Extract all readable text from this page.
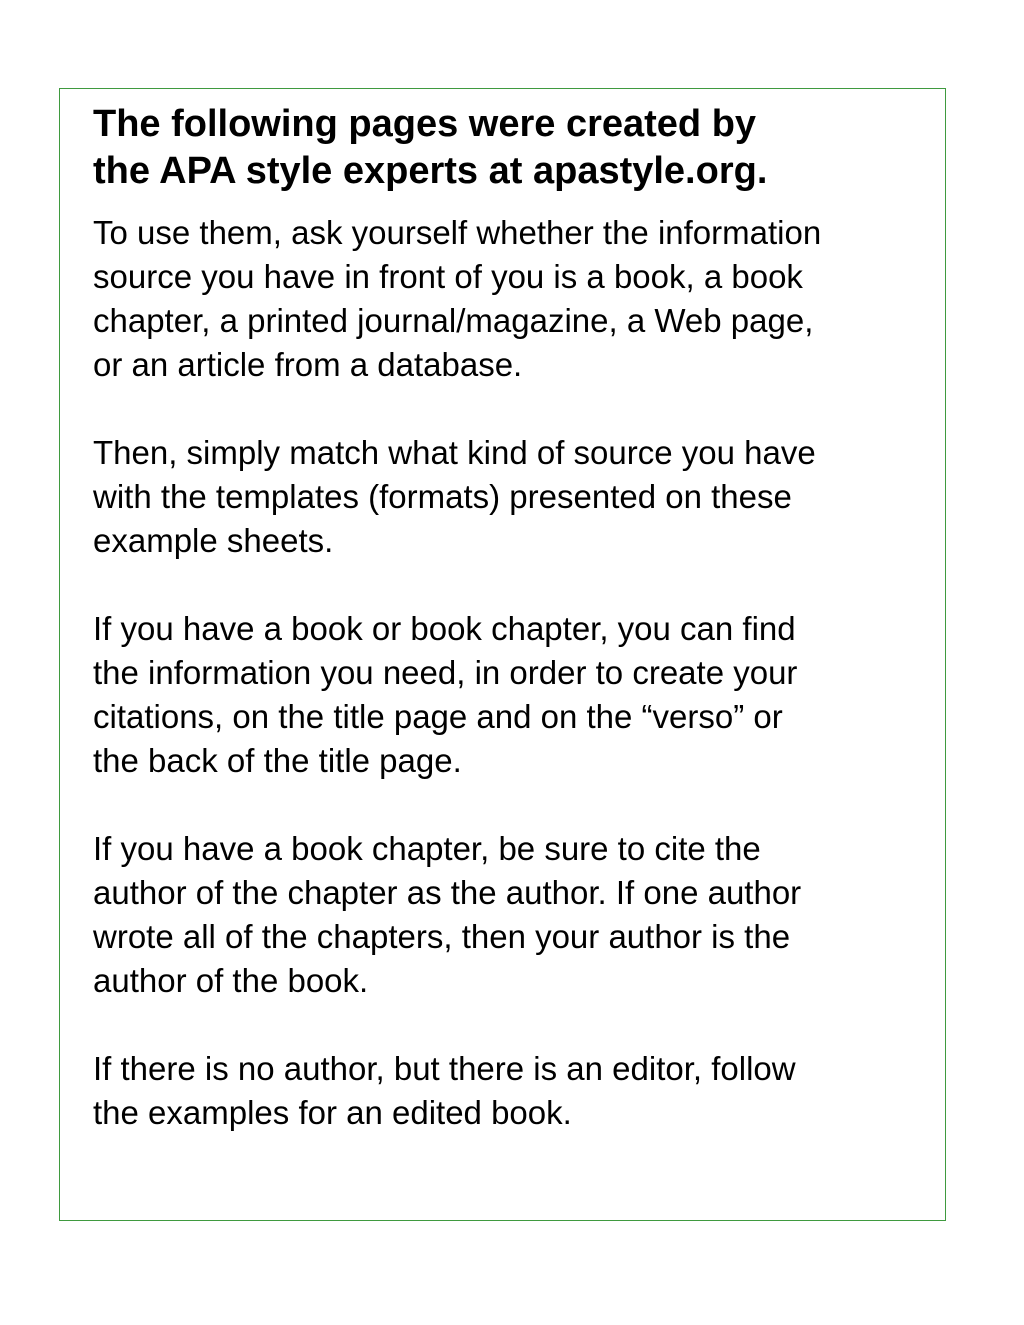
The following pages were created by
the APA style experts at apastyle.org.

To use them, ask yourself whether the information
source you have in front of you is a book, a book
chapter, a printed journal/magazine, a Web page,
or an article from a database.

Then, simply match what kind of source you have
with the templates (formats) presented on these
example sheets.

If you have a book or book chapter, you can find
the information you need, in order to create your
citations, on the title page and on the “verso” or
the back of the title page.

If you have a book chapter, be sure to cite the
author of the chapter as the author. If one author
wrote all of the chapters, then your author is the
author of the book.

If there is no author, but there is an editor, follow
the examples for an edited book.
